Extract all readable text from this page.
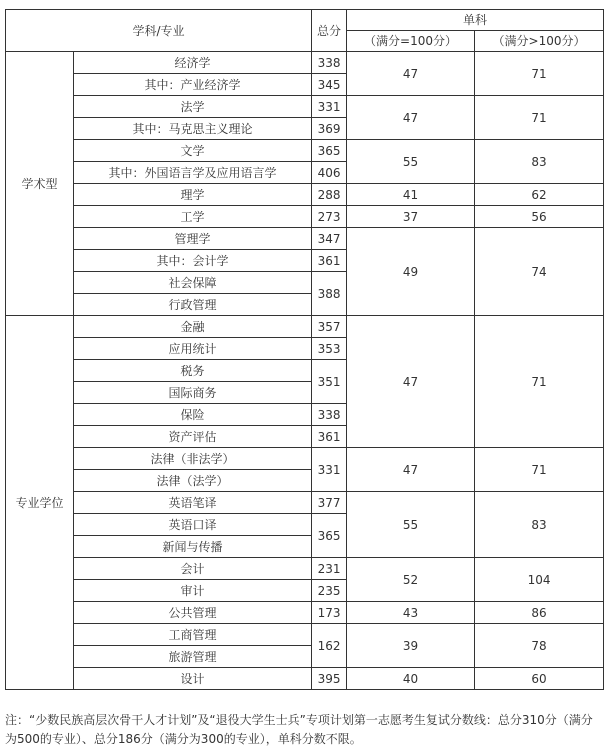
学科/专业		总分	单科	
			（满分=100分）	（满分>100分）
学术型	经济学	338	47	71
	其中：产业经济学	345		
	法学	331	47	71
	其中：马克思主义理论	369		
	文学	365	55	83
	其中：外国语言学及应用语言学	406		
	理学	288	41	62
	工学	273	37	56
	管理学	347	49	74
	其中：会计学	361		
	社会保障	388		
	行政管理			
专业学位	金融	357	47	71
	应用统计	353		
	税务	351		
	国际商务			
	保险	338		
	资产评估	361		
	法律（非法学）	331	47	71
	法律（法学）			
	英语笔译	377	55	83
	英语口译	365		
	新闻与传播			
	会计	231	52	104
	审计	235		
	公共管理	173	43	86
	工商管理	162	39	78
	旅游管理			
	设计	395	40	60

注：“少数民族高层次骨干人才计划”及“退役大学生士兵”专项计划第一志愿考生复试分数线：总分310分（满分为500的专业）、总分186分（满分为300的专业），单科分数不限。
